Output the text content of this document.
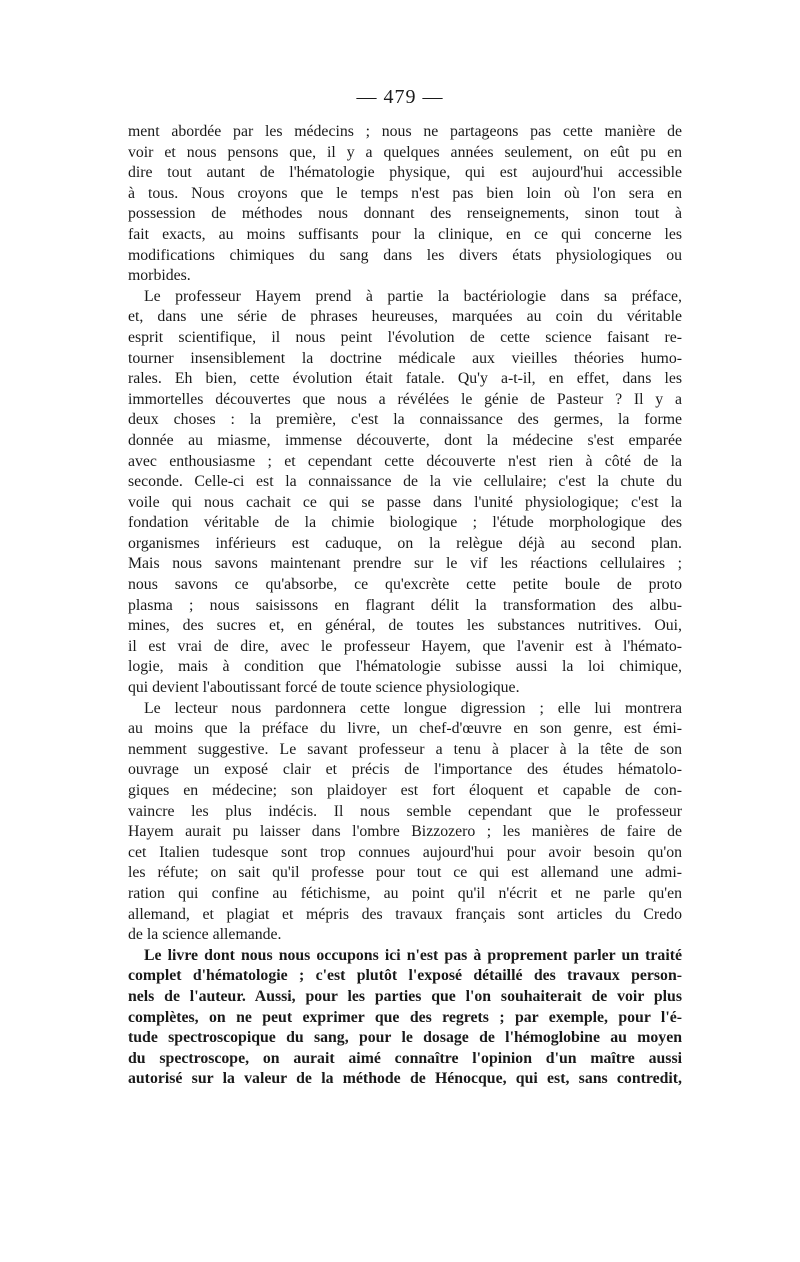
— 479 —
ment abordée par les médecins ; nous ne partageons pas cette manière de
voir et nous pensons que, il y a quelques années seulement, on eût pu en
dire tout autant de l'hématologie physique, qui est aujourd'hui accessible
à tous. Nous croyons que le temps n'est pas bien loin où l'on sera en
possession de méthodes nous donnant des renseignements, sinon tout à
fait exacts, au moins suffisants pour la clinique, en ce qui concerne les
modifications chimiques du sang dans les divers états physiologiques ou
morbides.
Le professeur Hayem prend à partie la bactériologie dans sa préface,
et, dans une série de phrases heureuses, marquées au coin du véritable
esprit scientifique, il nous peint l'évolution de cette science faisant re-
tourner insensiblement la doctrine médicale aux vieilles théories humo-
rales. Eh bien, cette évolution était fatale. Qu'y a-t-il, en effet, dans les
immortelles découvertes que nous a révélées le génie de Pasteur ? Il y a
deux choses : la première, c'est la connaissance des germes, la forme
donnée au miasme, immense découverte, dont la médecine s'est emparée
avec enthousiasme ; et cependant cette découverte n'est rien à côté de la
seconde. Celle-ci est la connaissance de la vie cellulaire; c'est la chute du
voile qui nous cachait ce qui se passe dans l'unité physiologique; c'est la
fondation véritable de la chimie biologique ; l'étude morphologique des
organismes inférieurs est caduque, on la relègue déjà au second plan.
Mais nous savons maintenant prendre sur le vif les réactions cellulaires ;
nous savons ce qu'absorbe, ce qu'excrète cette petite boule de proto
plasma ; nous saisissons en flagrant délit la transformation des albu-
mines, des sucres et, en général, de toutes les substances nutritives. Oui,
il est vrai de dire, avec le professeur Hayem, que l'avenir est à l'hémato-
logie, mais à condition que l'hématologie subisse aussi la loi chimique,
qui devient l'aboutissant forcé de toute science physiologique.
Le lecteur nous pardonnera cette longue digression ; elle lui montrera
au moins que la préface du livre, un chef-d'œuvre en son genre, est émi-
nemment suggestive. Le savant professeur a tenu à placer à la tête de son
ouvrage un exposé clair et précis de l'importance des études hématolo-
giques en médecine; son plaidoyer est fort éloquent et capable de con-
vaincre les plus indécis. Il nous semble cependant que le professeur
Hayem aurait pu laisser dans l'ombre Bizzozero ; les manières de faire de
cet Italien tudesque sont trop connues aujourd'hui pour avoir besoin qu'on
les réfute; on sait qu'il professe pour tout ce qui est allemand une admi-
ration qui confine au fétichisme, au point qu'il n'écrit et ne parle qu'en
allemand, et plagiat et mépris des travaux français sont articles du Credo
de la science allemande.
Le livre dont nous nous occupons ici n'est pas à proprement parler un traité
complet d'hématologie ; c'est plutôt l'exposé détaillé des travaux person-
nels de l'auteur. Aussi, pour les parties que l'on souhaiterait de voir plus
complètes, on ne peut exprimer que des regrets ; par exemple, pour l'é-
tude spectroscopique du sang, pour le dosage de l'hémoglobine au moyen
du spectroscope, on aurait aimé connaître l'opinion d'un maître aussi
autorisé sur la valeur de la méthode de Hénocque, qui est, sans contredit,
